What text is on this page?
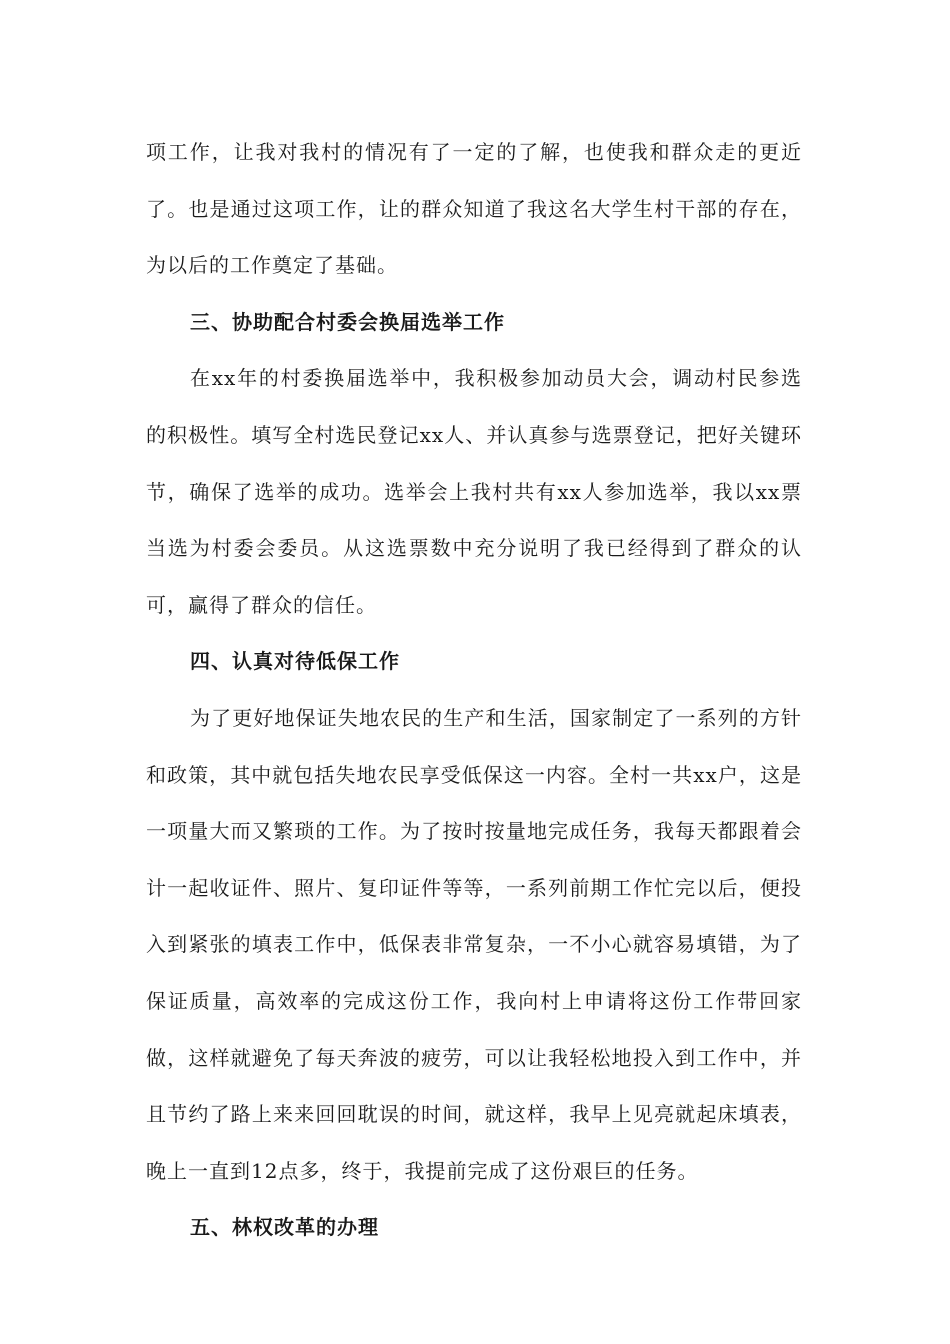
项工作，让我对我村的情况有了一定的了解，也使我和群众走的更近了。也是通过这项工作，让的群众知道了我这名大学生村干部的存在，为以后的工作奠定了基础。

三、协助配合村委会换届选举工作

在xx年的村委换届选举中，我积极参加动员大会，调动村民参选的积极性。填写全村选民登记xx人、并认真参与选票登记，把好关键环节，确保了选举的成功。选举会上我村共有xx人参加选举，我以xx票当选为村委会委员。从这选票数中充分说明了我已经得到了群众的认可，赢得了群众的信任。

四、认真对待低保工作

为了更好地保证失地农民的生产和生活，国家制定了一系列的方针和政策，其中就包括失地农民享受低保这一内容。全村一共xx户，这是一项量大而又繁琐的工作。为了按时按量地完成任务，我每天都跟着会计一起收证件、照片、复印证件等等，一系列前期工作忙完以后，便投入到紧张的填表工作中，低保表非常复杂，一不小心就容易填错，为了保证质量，高效率的完成这份工作，我向村上申请将这份工作带回家做，这样就避免了每天奔波的疲劳，可以让我轻松地投入到工作中，并且节约了路上来来回回耽误的时间，就这样，我早上见亮就起床填表，晚上一直到12点多，终于，我提前完成了这份艰巨的任务。

五、林权改革的办理
